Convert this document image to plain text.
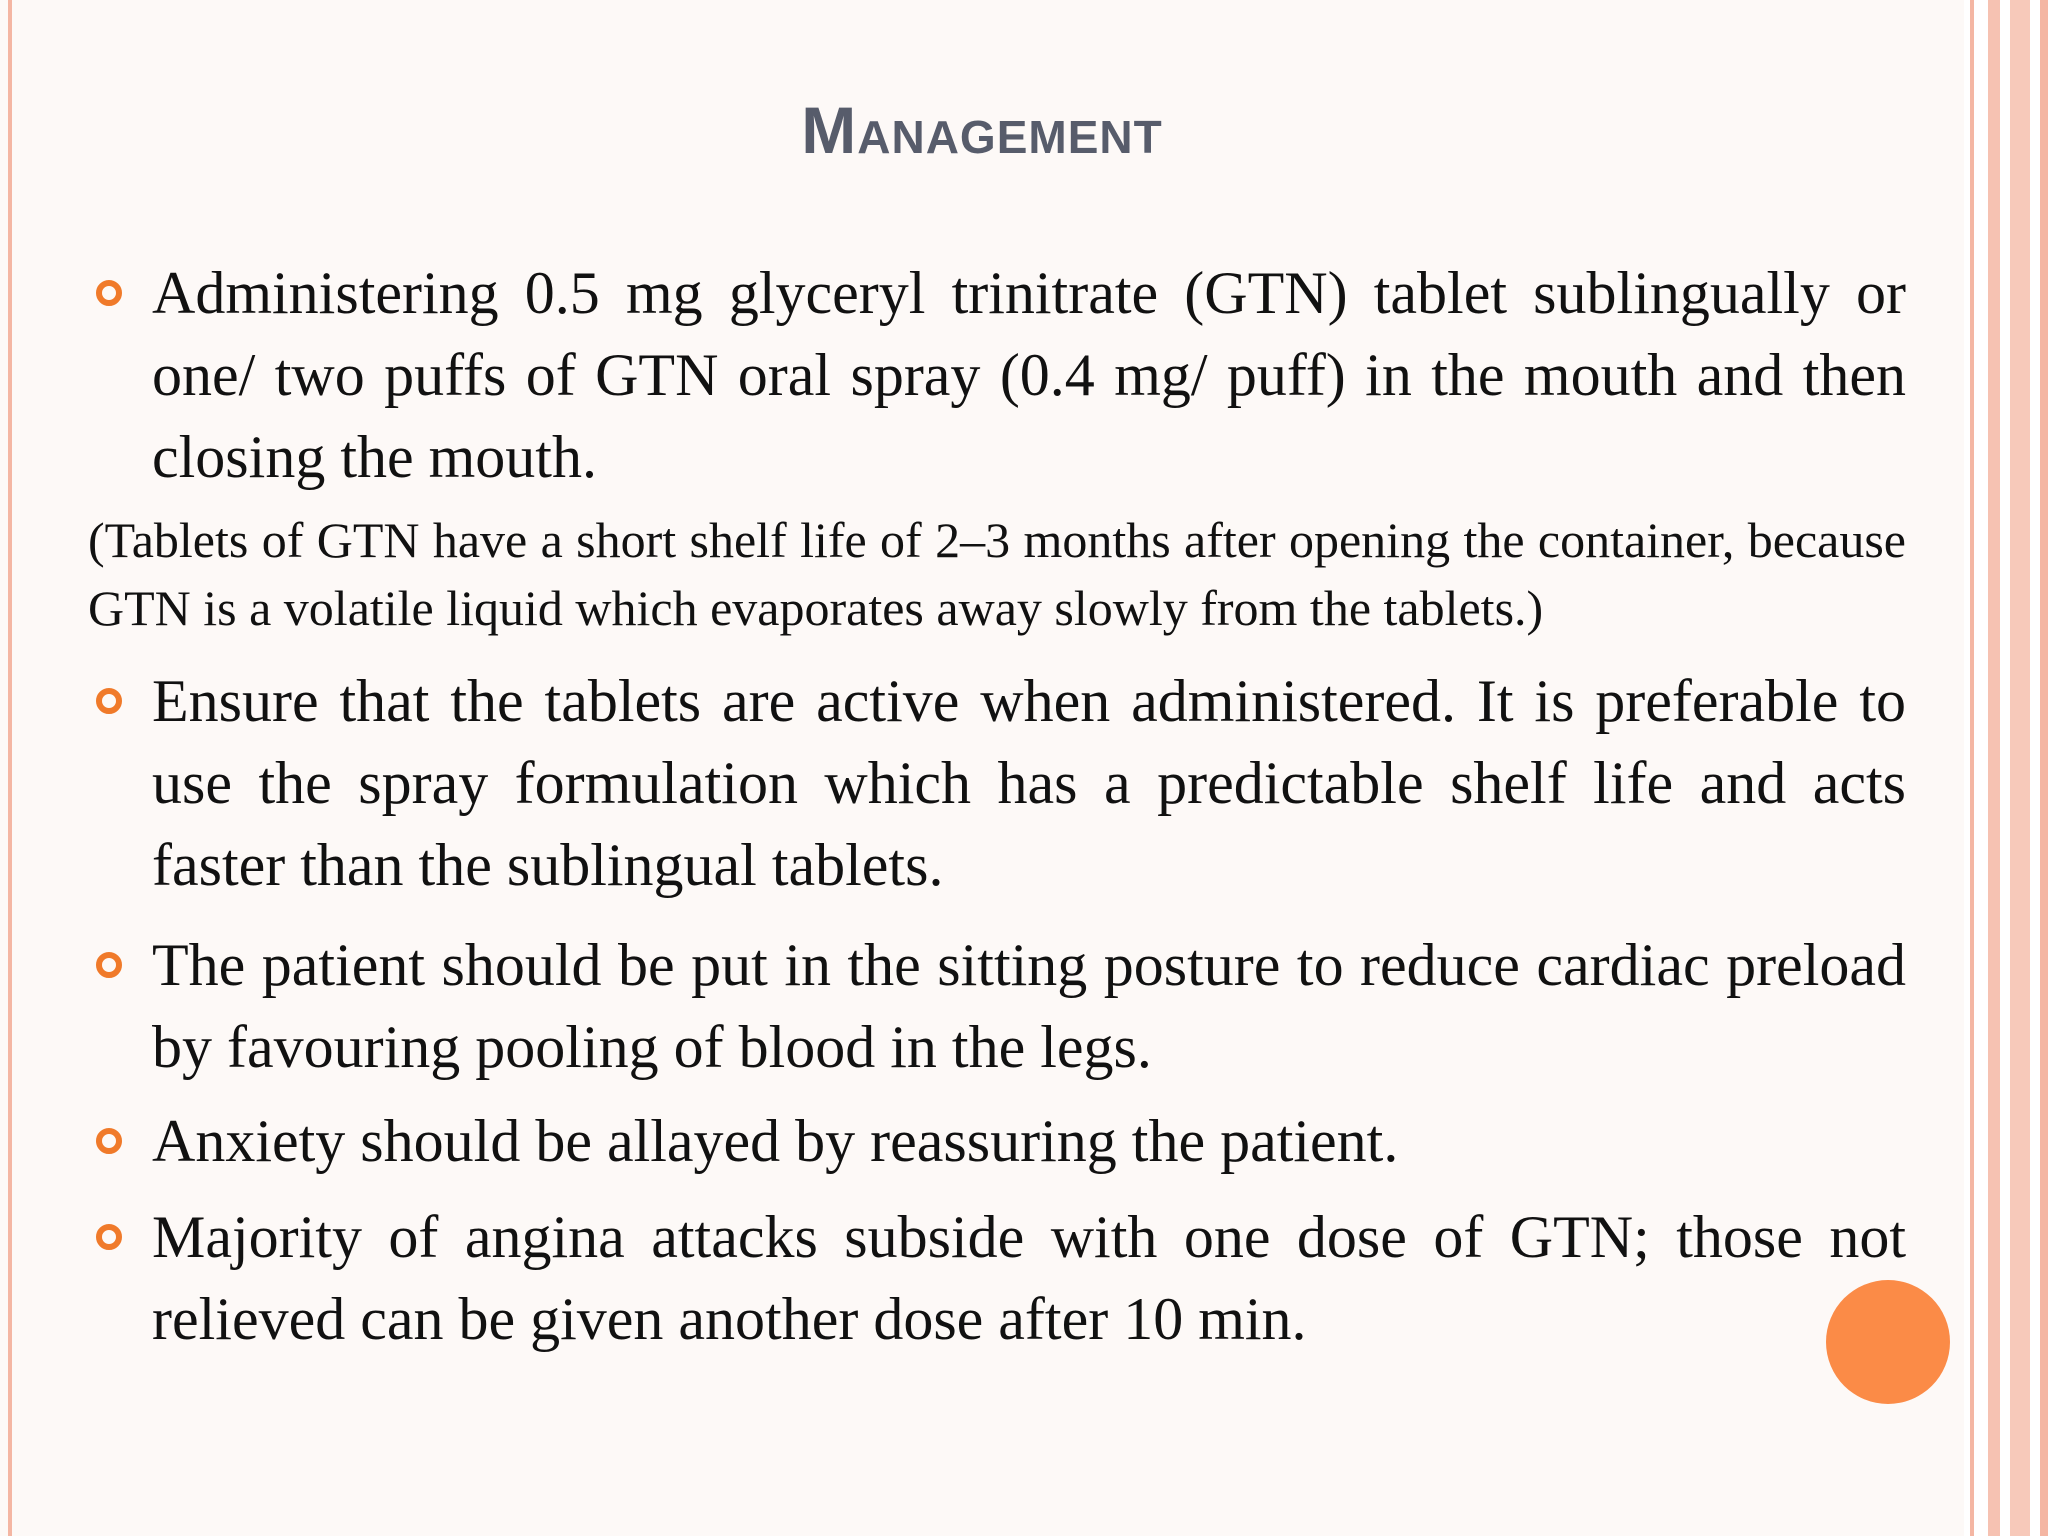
Management
Administering 0.5 mg glyceryl trinitrate (GTN) tablet sublingually or one/ two puffs of GTN oral spray (0.4 mg/ puff) in the mouth and then closing the mouth.
(Tablets of GTN have a short shelf life of 2–3 months after opening the container, because GTN is a volatile liquid which evaporates away slowly from the tablets.)
Ensure that the tablets are active when administered. It is preferable to use the spray formulation which has a predictable shelf life and acts faster than the sublingual tablets.
The patient should be put in the sitting posture to reduce cardiac preload by favouring pooling of blood in the legs.
Anxiety should be allayed by reassuring the patient.
Majority of angina attacks subside with one dose of GTN; those not relieved can be given another dose after 10 min.
